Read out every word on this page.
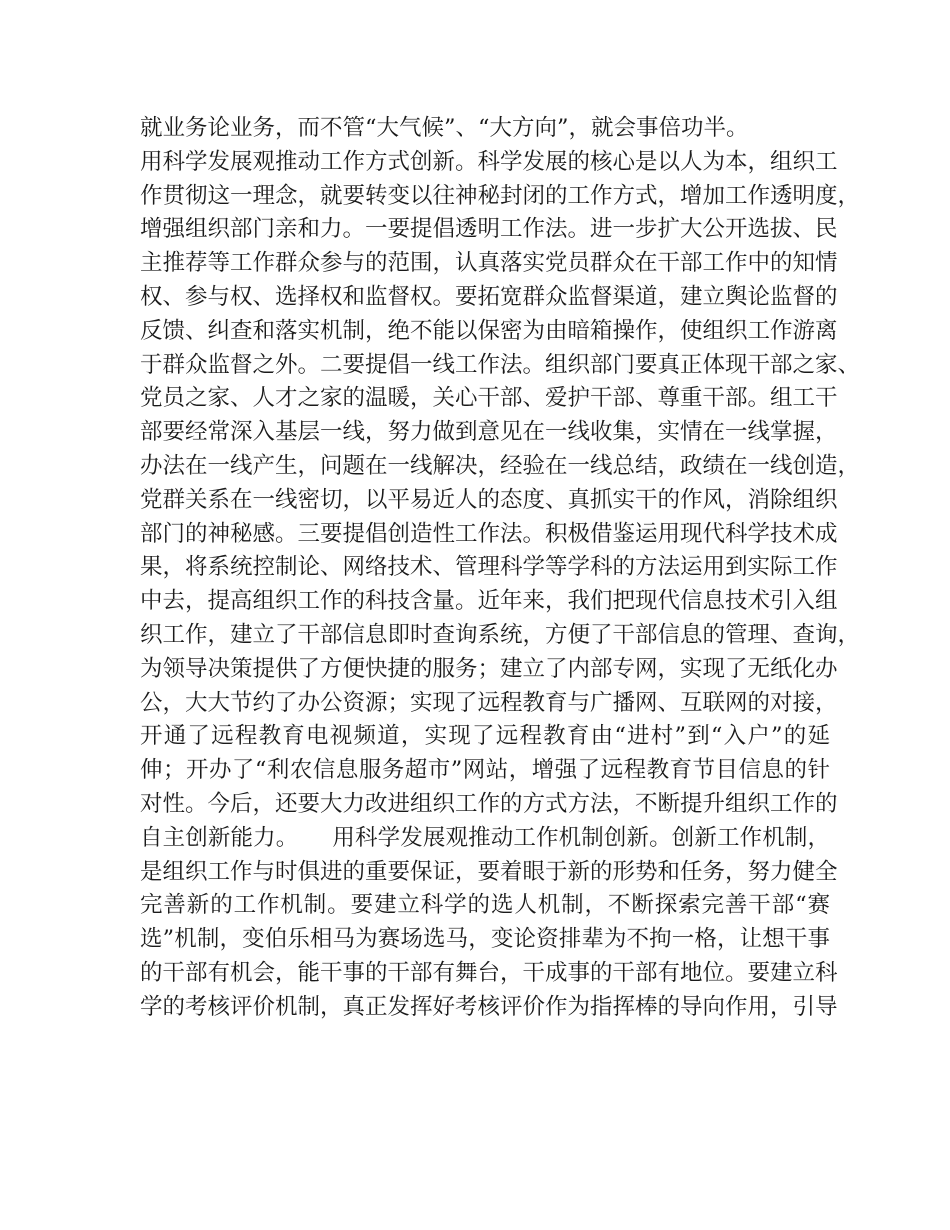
就业务论业务，而不管“大气候”、“大方向”，就会事倍功半。
用科学发展观推动工作方式创新。科学发展的核心是以人为本，组织工
作贯彻这一理念，就要转变以往神秘封闭的工作方式，增加工作透明度，
增强组织部门亲和力。一要提倡透明工作法。进一步扩大公开选拔、民
主推荐等工作群众参与的范围，认真落实党员群众在干部工作中的知情
权、参与权、选择权和监督权。要拓宽群众监督渠道，建立舆论监督的
反馈、纠查和落实机制，绝不能以保密为由暗箱操作，使组织工作游离
于群众监督之外。二要提倡一线工作法。组织部门要真正体现干部之家、
党员之家、人才之家的温暖，关心干部、爱护干部、尊重干部。组工干
部要经常深入基层一线，努力做到意见在一线收集，实情在一线掌握，
办法在一线产生，问题在一线解决，经验在一线总结，政绩在一线创造，
党群关系在一线密切，以平易近人的态度、真抓实干的作风，消除组织
部门的神秘感。三要提倡创造性工作法。积极借鉴运用现代科学技术成
果，将系统控制论、网络技术、管理科学等学科的方法运用到实际工作
中去，提高组织工作的科技含量。近年来，我们把现代信息技术引入组
织工作，建立了干部信息即时查询系统，方便了干部信息的管理、查询，
为领导决策提供了方便快捷的服务；建立了内部专网，实现了无纸化办
公，大大节约了办公资源；实现了远程教育与广播网、互联网的对接，
开通了远程教育电视频道，实现了远程教育由“进村”到“入户”的延
伸；开办了“利农信息服务超市”网站，增强了远程教育节目信息的针
对性。今后，还要大力改进组织工作的方式方法，不断提升组织工作的
自主创新能力。　　用科学发展观推动工作机制创新。创新工作机制，
是组织工作与时俱进的重要保证，要着眼于新的形势和任务，努力健全
完善新的工作机制。要建立科学的选人机制，不断探索完善干部“赛
选”机制，变伯乐相马为赛场选马，变论资排辈为不拘一格，让想干事
的干部有机会，能干事的干部有舞台，干成事的干部有地位。要建立科
学的考核评价机制，真正发挥好考核评价作为指挥棒的导向作用，引导
